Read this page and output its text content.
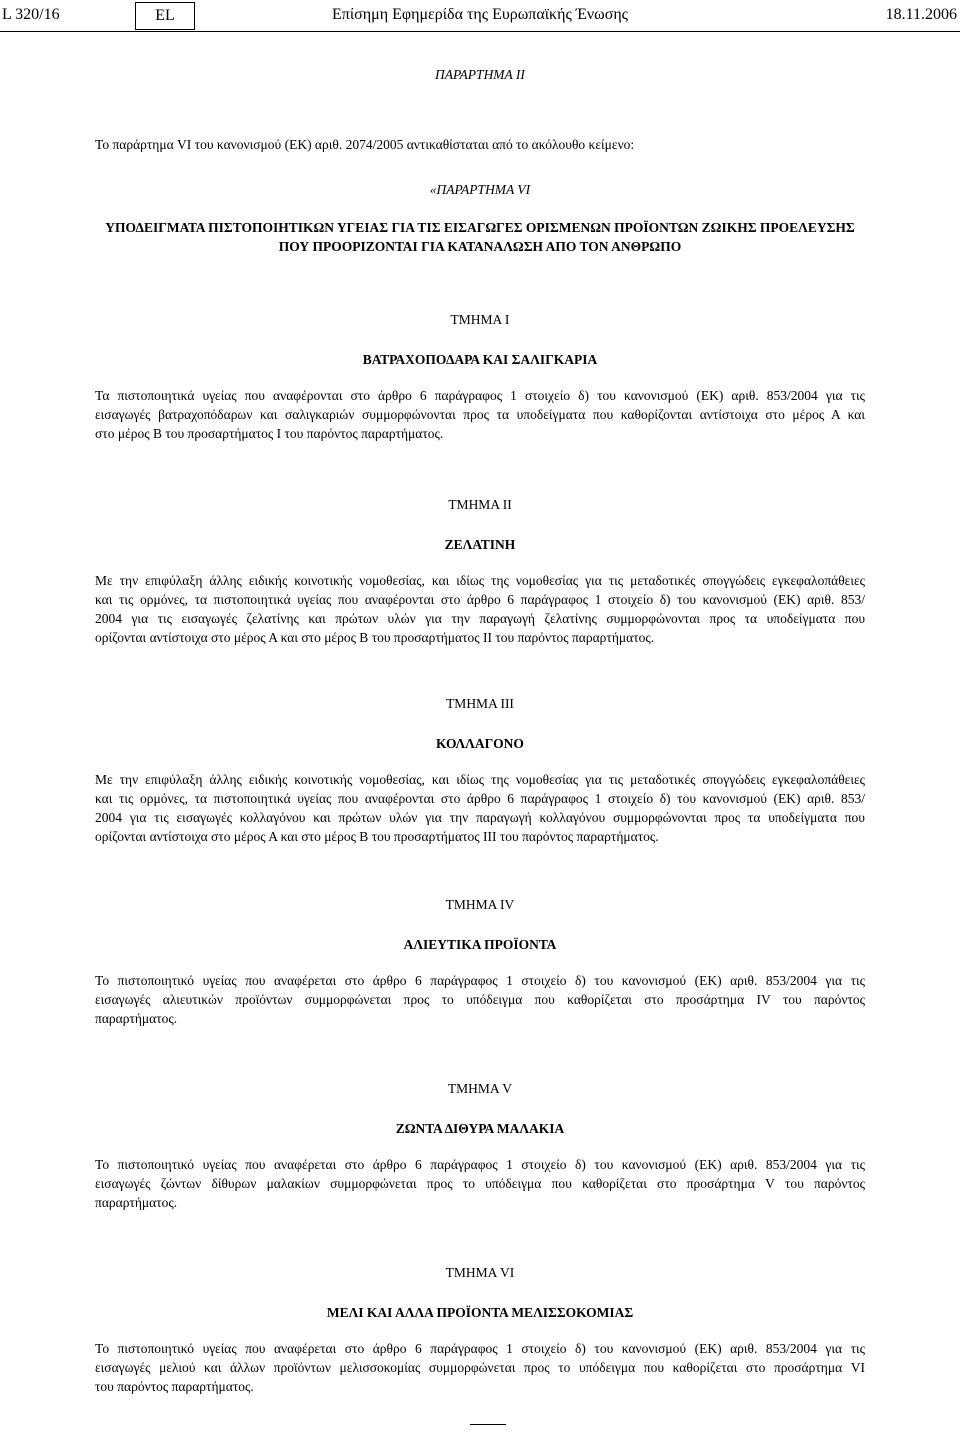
L 320/16	EL	Επίσημη Εφημερίδα της Ευρωπαϊκής Ένωσης	18.11.2006
ΠΑΡΑΡΤΗΜΑ II
Το παράρτημα VI του κανονισμού (ΕΚ) αριθ. 2074/2005 αντικαθίσταται από το ακόλουθο κείμενο:
«ΠΑΡΑΡΤΗΜΑ VI
ΥΠΟΔΕΙΓΜΑΤΑ ΠΙΣΤΟΠΟΙΗΤΙΚΩΝ ΥΓΕΙΑΣ ΓΙΑ ΤΙΣ ΕΙΣΑΓΩΓΕΣ ΟΡΙΣΜΕΝΩΝ ΠΡΟΪΟΝΤΩΝ ΖΩΙΚΗΣ ΠΡΟΕΛΕΥΣΗΣ
ΠΟΥ ΠΡΟΟΡΙΖΟΝΤΑΙ ΓΙΑ ΚΑΤΑΝΑΛΩΣΗ ΑΠΟ ΤΟΝ ΑΝΘΡΩΠΟ
ΤΜΗΜΑ I
ΒΑΤΡΑΧΟΠΟΔΑΡΑ ΚΑΙ ΣΑΛΙΓΚΑΡΙΑ
Τα πιστοποιητικά υγείας που αναφέρονται στο άρθρο 6 παράγραφος 1 στοιχείο δ) του κανονισμού (ΕΚ) αριθ. 853/2004 για τις
εισαγωγές βατραχοπόδαρων και σαλιγκαριών συμμορφώνονται προς τα υποδείγματα που καθορίζονται αντίστοιχα στο μέρος Α και
στο μέρος Β του προσαρτήματος I του παρόντος παραρτήματος.
ΤΜΗΜΑ II
ΖΕΛΑΤΙΝΗ
Με την επιφύλαξη άλλης ειδικής κοινοτικής νομοθεσίας, και ιδίως της νομοθεσίας για τις μεταδοτικές σπογγώδεις εγκεφαλοπάθειες
και τις ορμόνες, τα πιστοποιητικά υγείας που αναφέρονται στο άρθρο 6 παράγραφος 1 στοιχείο δ) του κανονισμού (ΕΚ) αριθ. 853/
2004 για τις εισαγωγές ζελατίνης και πρώτων υλών για την παραγωγή ζελατίνης συμμορφώνονται προς τα υποδείγματα που
ορίζονται αντίστοιχα στο μέρος Α και στο μέρος Β του προσαρτήματος II του παρόντος παραρτήματος.
ΤΜΗΜΑ III
ΚΟΛΛΑΓΟΝΟ
Με την επιφύλαξη άλλης ειδικής κοινοτικής νομοθεσίας, και ιδίως της νομοθεσίας για τις μεταδοτικές σπογγώδεις εγκεφαλοπάθειες
και τις ορμόνες, τα πιστοποιητικά υγείας που αναφέρονται στο άρθρο 6 παράγραφος 1 στοιχείο δ) του κανονισμού (ΕΚ) αριθ. 853/
2004 για τις εισαγωγές κολλαγόνου και πρώτων υλών για την παραγωγή κολλαγόνου συμμορφώνονται προς τα υποδείγματα που
ορίζονται αντίστοιχα στο μέρος Α και στο μέρος Β του προσαρτήματος III του παρόντος παραρτήματος.
ΤΜΗΜΑ IV
ΑΛΙΕΥΤΙΚΑ ΠΡΟΪΟΝΤΑ
Το πιστοποιητικό υγείας που αναφέρεται στο άρθρο 6 παράγραφος 1 στοιχείο δ) του κανονισμού (ΕΚ) αριθ. 853/2004 για τις
εισαγωγές αλιευτικών προϊόντων συμμορφώνεται προς το υπόδειγμα που καθορίζεται στο προσάρτημα IV του παρόντος
παραρτήματος.
ΤΜΗΜΑ V
ΖΩΝΤΑ ΔΙΘΥΡΑ ΜΑΛΑΚΙΑ
Το πιστοποιητικό υγείας που αναφέρεται στο άρθρο 6 παράγραφος 1 στοιχείο δ) του κανονισμού (ΕΚ) αριθ. 853/2004 για τις
εισαγωγές ζώντων δίθυρων μαλακίων συμμορφώνεται προς το υπόδειγμα που καθορίζεται στο προσάρτημα V του παρόντος
παραρτήματος.
ΤΜΗΜΑ VI
ΜΕΛΙ ΚΑΙ ΑΛΛΑ ΠΡΟΪΟΝΤΑ ΜΕΛΙΣΣΟΚΟΜΙΑΣ
Το πιστοποιητικό υγείας που αναφέρεται στο άρθρο 6 παράγραφος 1 στοιχείο δ) του κανονισμού (ΕΚ) αριθ. 853/2004 για τις
εισαγωγές μελιού και άλλων προϊόντων μελισσοκομίας συμμορφώνεται προς το υπόδειγμα που καθορίζεται στο προσάρτημα VI
του παρόντος παραρτήματος.
